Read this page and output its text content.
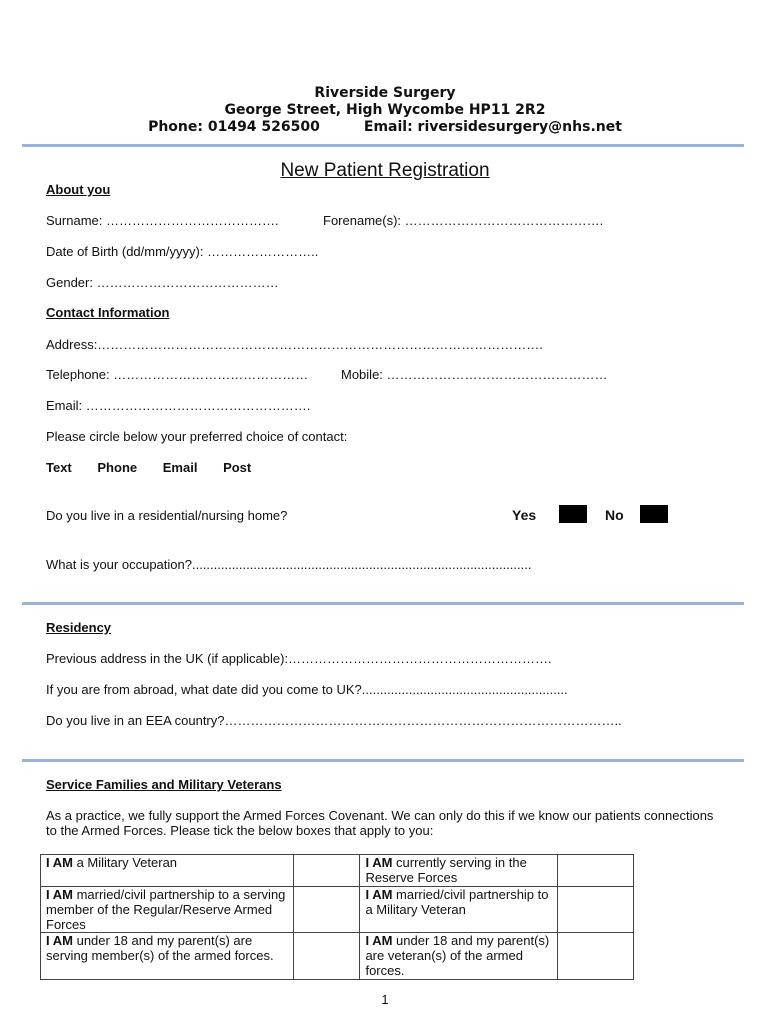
Riverside Surgery
George Street, High Wycombe HP11 2R2
Phone: 01494 526500	Email: riversidesurgery@nhs.net
New Patient Registration
About you
Surname: ………………………………….	Forename(s): ……………………………………….
Date of Birth (dd/mm/yyyy): ……………………..
Gender: ……………………………………
Contact Information
Address:………………………………………………………………………………………….
Telephone: ………………………………………	Mobile: ……………………………………………
Email: …………………………………………….
Please circle below your preferred choice of contact:
Text Phone Email Post
Do you live in a residential/nursing home?	Yes	No
What is your occupation?..............................................................................................
Residency
Previous address in the UK (if applicable):…………………………………………………….
If you are from abroad, what date did you come to UK?.........................................................
Do you live in an EEA country?………………………………………………………………………………..
Service Families and Military Veterans
As a practice, we fully support the Armed Forces Covenant. We can only do this if we know our patients connections to the Armed Forces. Please tick the below boxes that apply to you:
I AM a Military Veteran		I AM currently serving in the Reserve Forces	
I AM married/civil partnership to a serving member of the Regular/Reserve Armed Forces		I AM married/civil partnership to a Military Veteran	
I AM under 18 and my parent(s) are serving member(s) of the armed forces.		I AM under 18 and my parent(s) are veteran(s) of the armed forces.	
1
